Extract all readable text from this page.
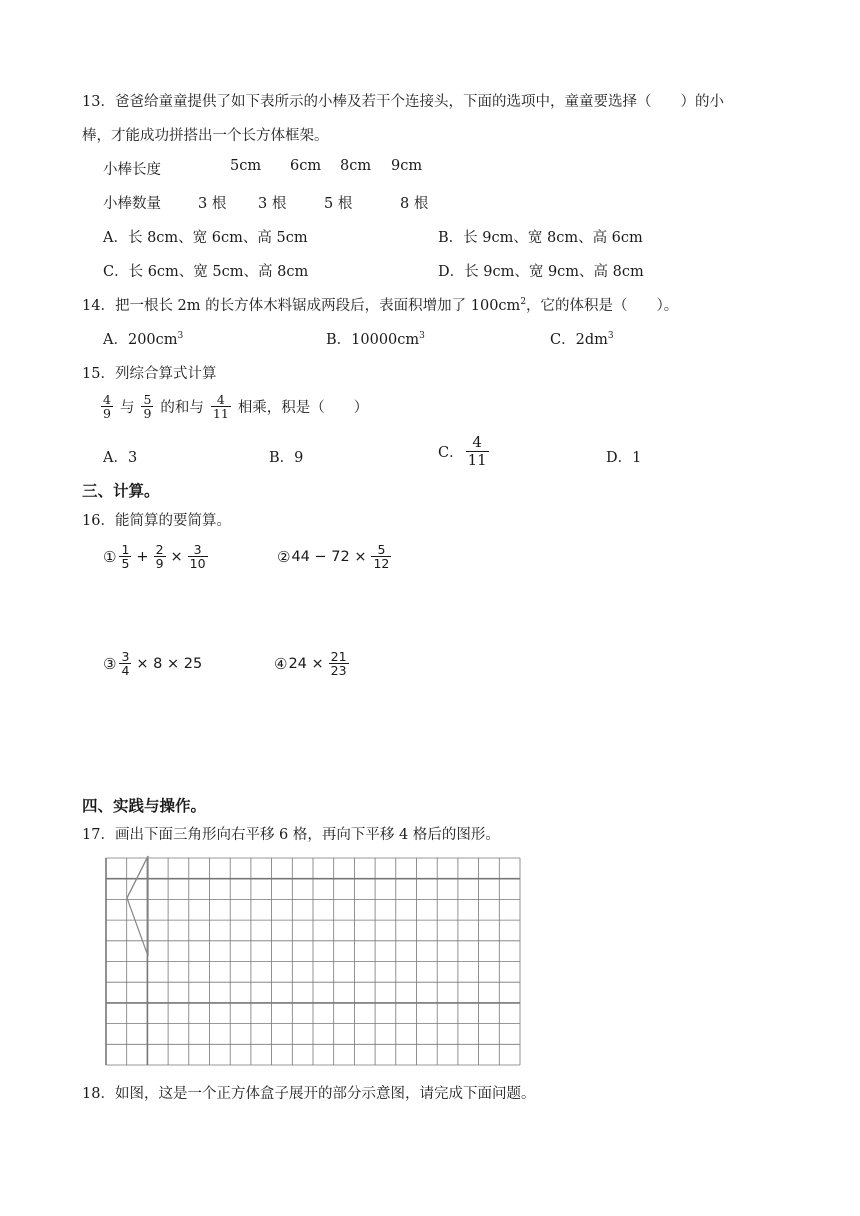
13．爸爸给童童提供了如下表所示的小棒及若干个连接头，下面的选项中，童童要选择（　　）的小
棒，才能成功拼搭出一个长方体框架。
小棒长度	5cm 6cm 8cm 9cm
小棒数量	3 根 3 根	5 根	8 根
A．长 8cm、宽 6cm、高 5cm	B．长 9cm、宽 8cm、高 6cm
C．长 6cm、宽 5cm、高 8cm	D．长 9cm、宽 9cm、高 8cm
14．把一根长 2m 的长方体木料锯成两段后，表面积增加了 $100cm^2$，它的体积是（　　）。
A．$200cm^3$	B．$10000cm^3$	C．$2dm^3$
15．列综合算式计算
$\frac{4}{9}$ 与 $\frac{5}{9}$ 的和与 $\frac{4}{11}$ 相乘，积是（　　）
A．3	B．9	C． $\frac{4}{11}$	D．1
三、计算。
16．能简算的要简算。
① $\frac{1}{5} + \frac{2}{9} \times \frac{3}{10}$	② $44 - 72 \times \frac{5}{12}$
③ $\frac{3}{4} \times 8 \times 25$	④ $24 \times \frac{21}{23}$
四、实践与操作。
17．画出下面三角形向右平移 6 格，再向下平移 4 格后的图形。
18．如图，这是一个正方体盒子展开的部分示意图，请完成下面问题。
